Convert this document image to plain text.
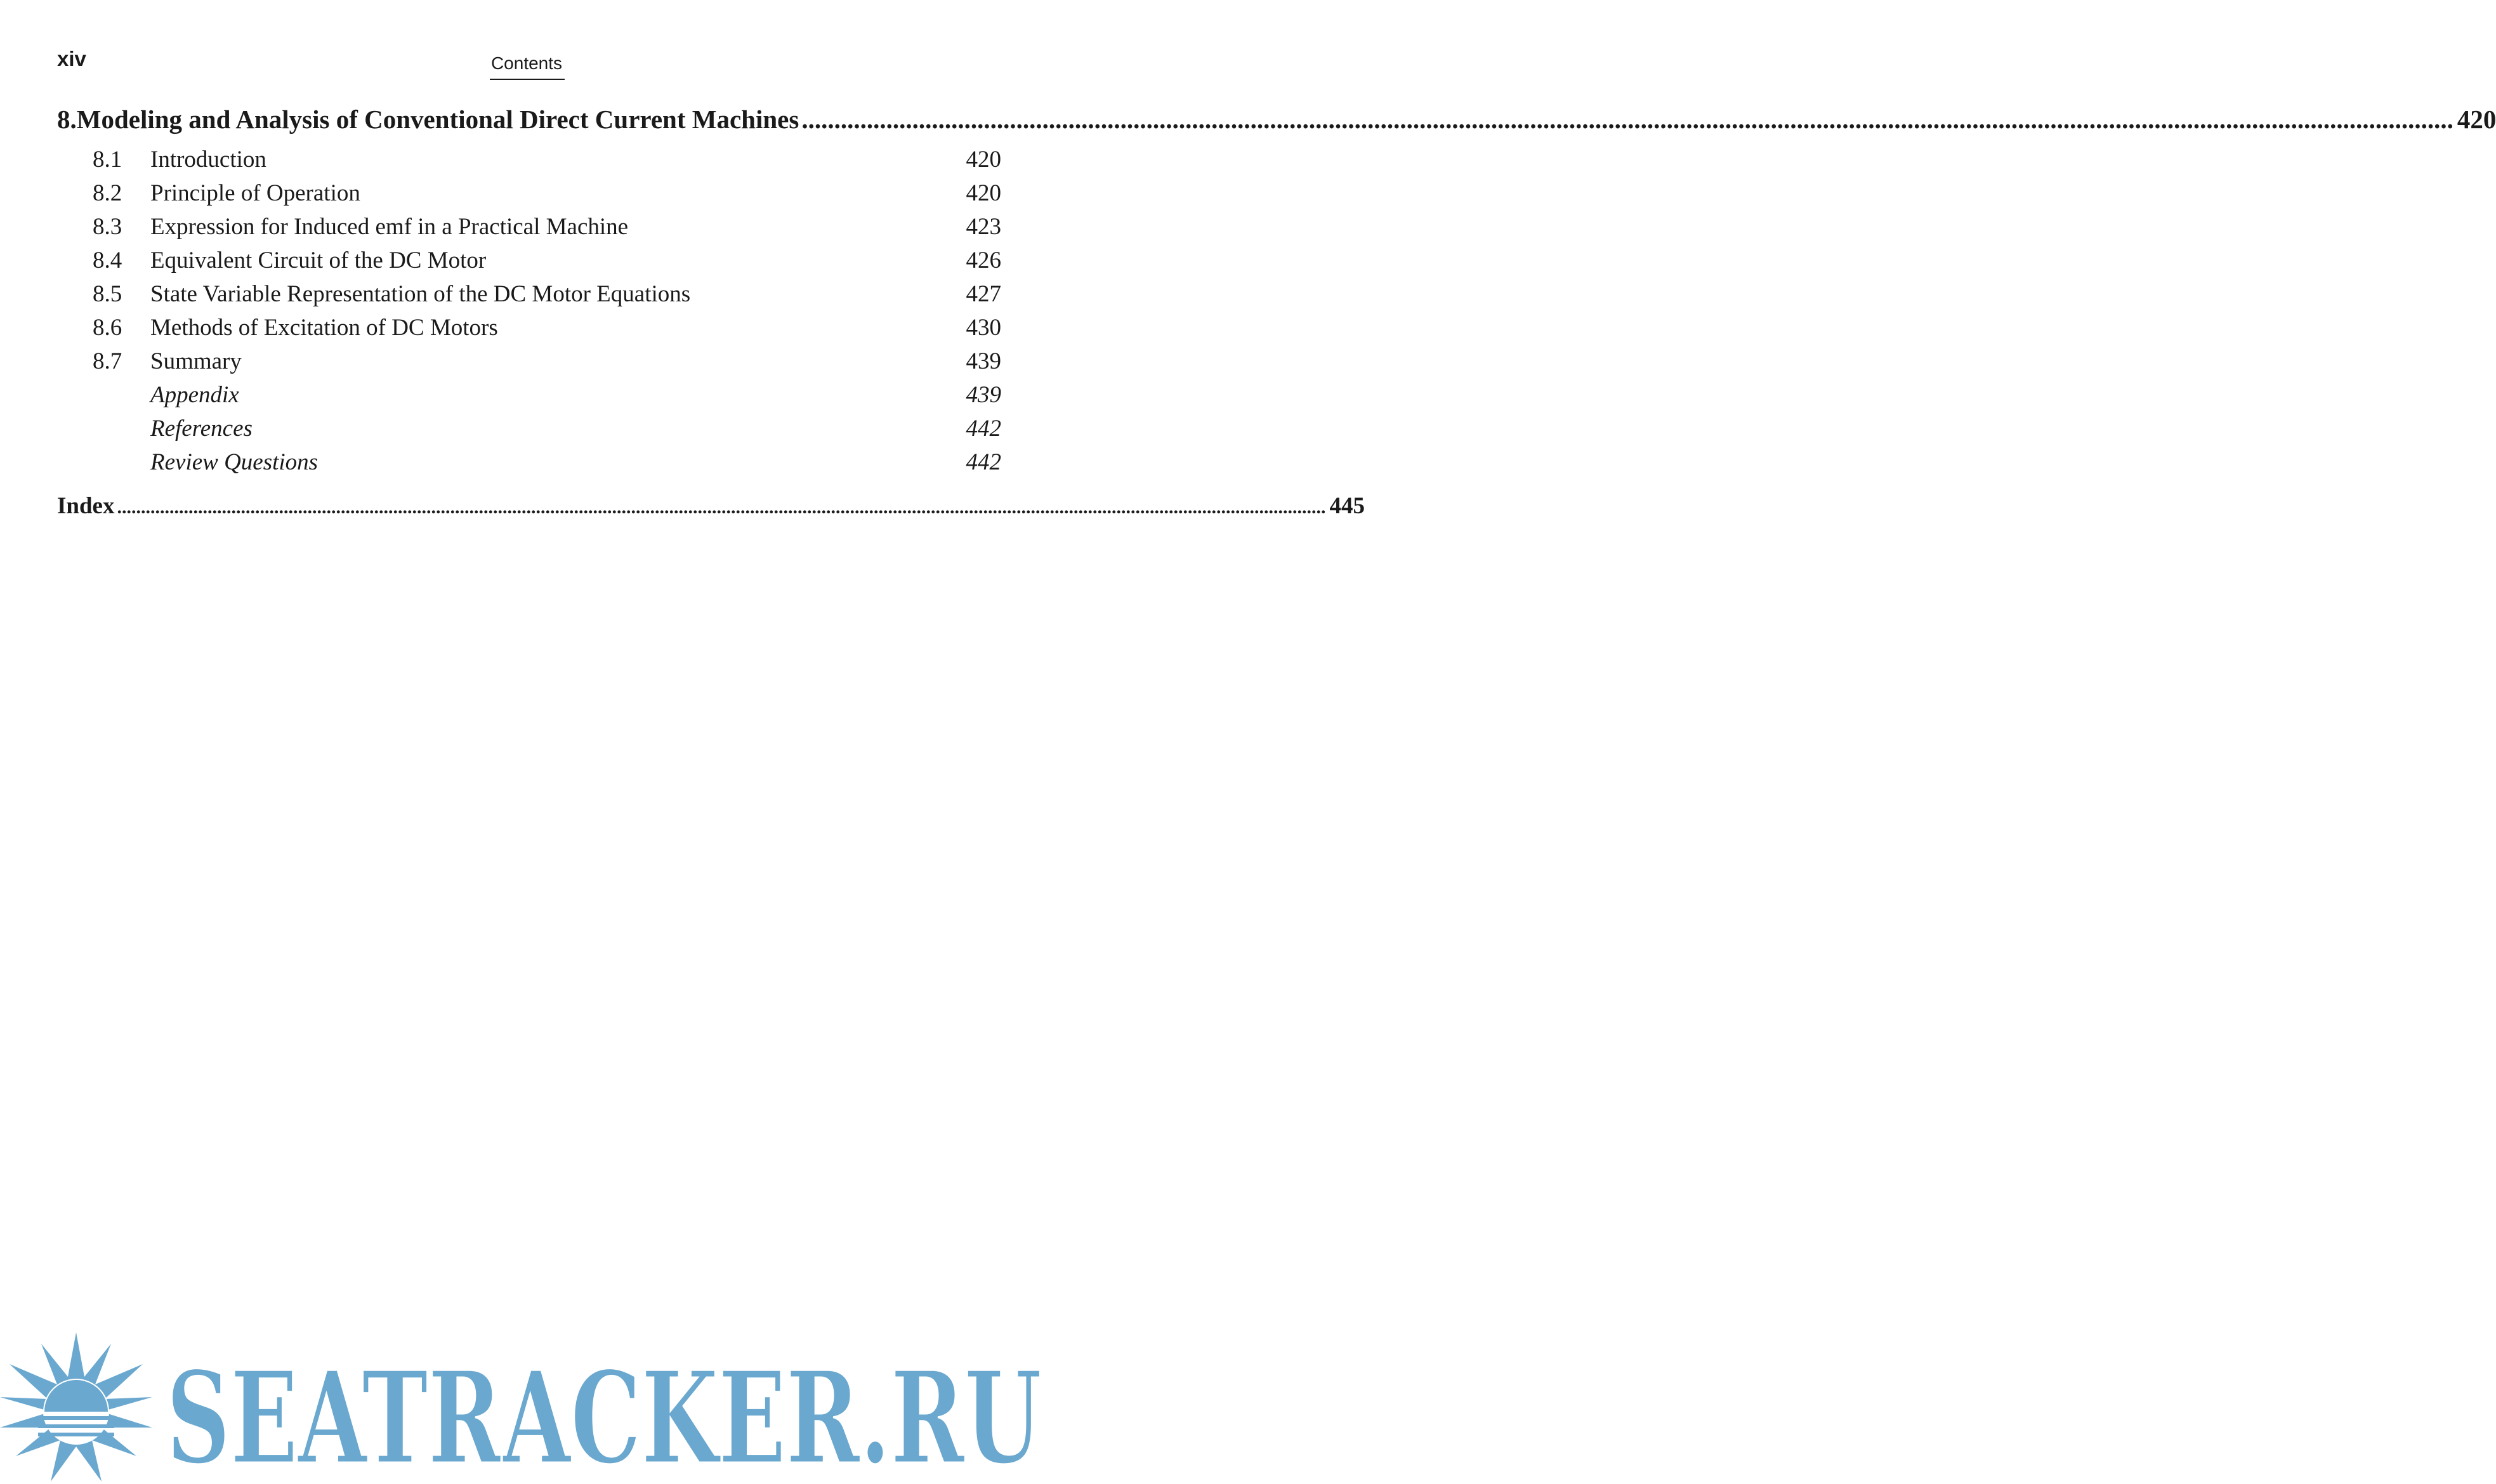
xiv	Contents
8. Modeling and Analysis of Conventional Direct Current Machines .....	420
8.1	Introduction	420
8.2	Principle of Operation	420
8.3	Expression for Induced emf in a Practical Machine	423
8.4	Equivalent Circuit of the DC Motor	426
8.5	State Variable Representation of the DC Motor Equations	427
8.6	Methods of Excitation of DC Motors	430
8.7	Summary	439
Appendix	439
References	442
Review Questions	442
Index .....	445
SEATRACKER.RU
